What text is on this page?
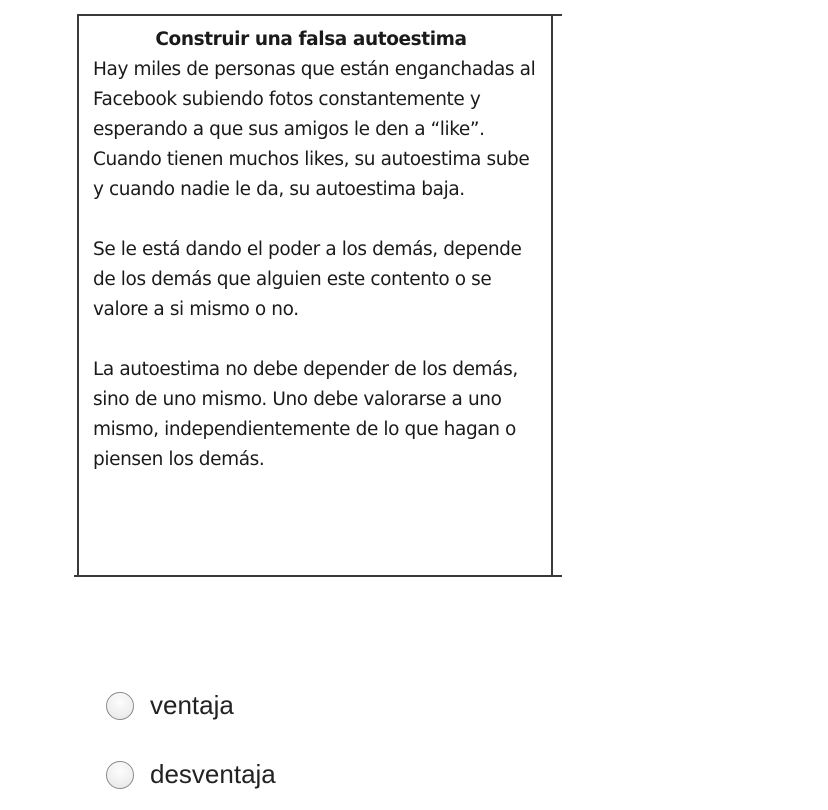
Construir una falsa autoestima

Hay miles de personas que están enganchadas al Facebook subiendo fotos constantemente y esperando a que sus amigos le den a “like”. Cuando tienen muchos likes, su autoestima sube y cuando nadie le da, su autoestima baja.

Se le está dando el poder a los demás, depende de los demás que alguien este contento o se valore a si mismo o no.

La autoestima no debe depender de los demás, sino de uno mismo. Uno debe valorarse a uno mismo, independientemente de lo que hagan o piensen los demás.

ventaja
desventaja
